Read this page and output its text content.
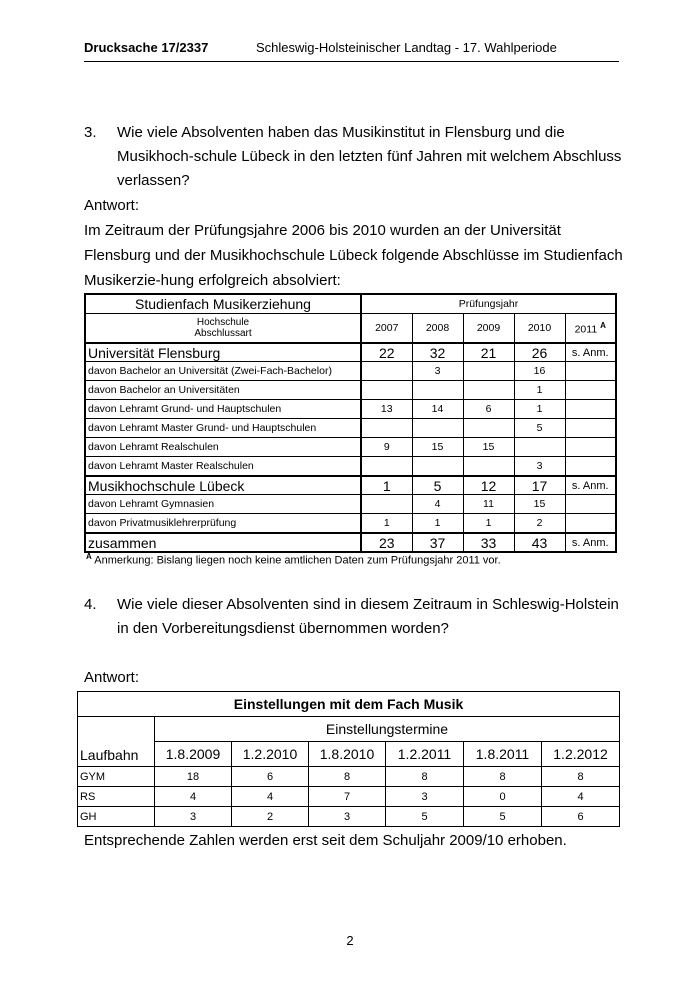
Drucksache 17/2337	Schleswig-Holsteinischer Landtag - 17. Wahlperiode
3. Wie viele Absolventen haben das Musikinstitut in Flensburg und die Musikhoch-schule Lübeck in den letzten fünf Jahren mit welchem Abschluss verlassen?
Antwort:
Im Zeitraum der Prüfungsjahre 2006 bis 2010 wurden an der Universität Flensburg und der Musikhochschule Lübeck folgende Abschlüsse im Studienfach Musikerzie-hung erfolgreich absolviert:
Studienfach Musikerziehung	Prüfungsjahr				

Hochschule
Abschlussart	2007	2008	2009	2010	2011 $^A$
Universität Flensburg	22	32	21	26	s. Anm.
davon Bachelor an Universität (Zwei-Fach-Bachelor)		3		16	
davon Bachelor an Universitäten				1	
davon Lehramt Grund- und Hauptschulen	13	14	6	1	
davon Lehramt Master Grund- und Hauptschulen				5	
davon Lehramt Realschulen	9	15	15		
davon Lehramt Master Realschulen				3	
Musikhochschule Lübeck	1	5	12	17	s. Anm.
davon Lehramt Gymnasien		4	11	15	
davon Privatmusiklehrerprüfung	1	1	1	2	
zusammen	23	37	33	43	s. Anm.
$^A$ Anmerkung: Bislang liegen noch keine amtlichen Daten zum Prüfungsjahr 2011 vor.
4. Wie viele dieser Absolventen sind in diesem Zeitraum in Schleswig-Holstein in den Vorbereitungsdienst übernommen worden?
Antwort:
Einstellungen mit dem Fach Musik						
Laufbahn	Einstellungstermine					
	1.8.2009	1.2.2010	1.8.2010	1.2.2011	1.8.2011	1.2.2012
GYM	18	6	8	8	8	8
RS	4	4	7	3	0	4
GH	3	2	3	5	5	6
Entsprechende Zahlen werden erst seit dem Schuljahr 2009/10 erhoben.
2
